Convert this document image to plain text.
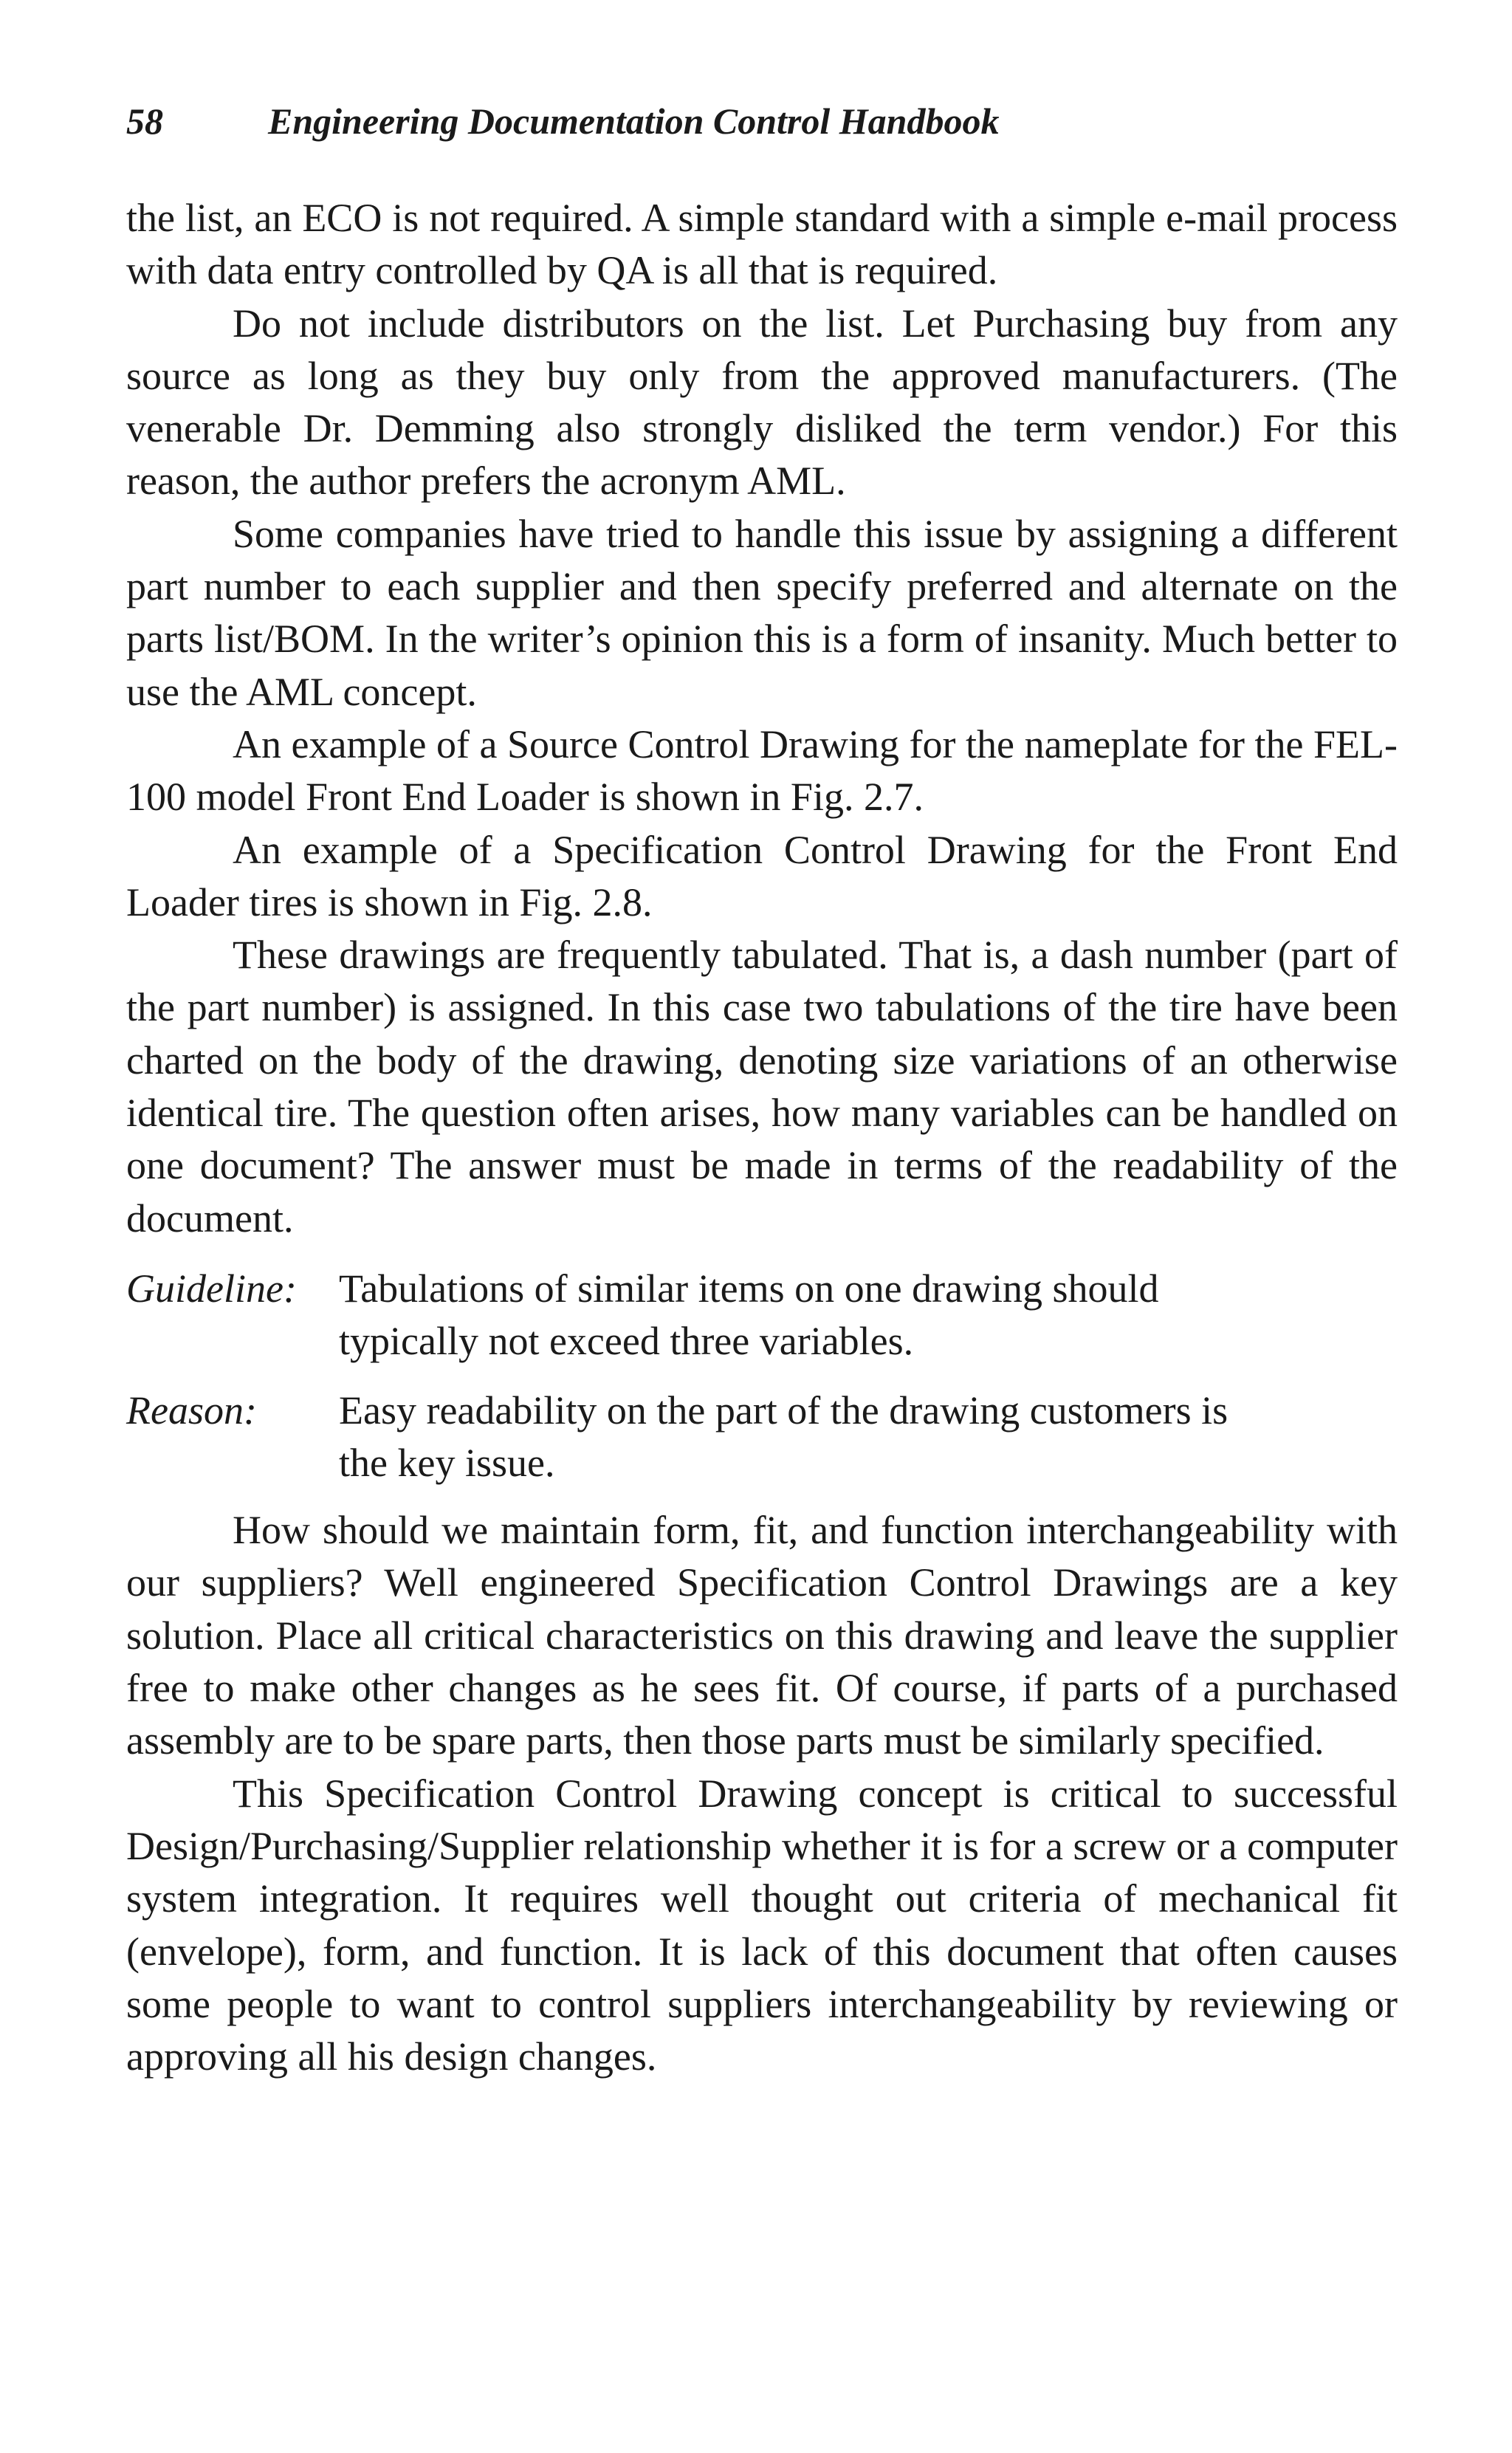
58	Engineering Documentation Control Handbook

the list, an ECO is not required. A simple standard with a simple e-mail process with data entry controlled by QA is all that is required.

Do not include distributors on the list. Let Purchasing buy from any source as long as they buy only from the approved manufacturers. (The venerable Dr. Demming also strongly disliked the term vendor.) For this reason, the author prefers the acronym AML.

Some companies have tried to handle this issue by assigning a different part number to each supplier and then specify preferred and alternate on the parts list/BOM. In the writer’s opinion this is a form of insanity. Much better to use the AML concept.

An example of a Source Control Drawing for the nameplate for the FEL-100 model Front End Loader is shown in Fig. 2.7.

An example of a Specification Control Drawing for the Front End Loader tires is shown in Fig. 2.8.

These drawings are frequently tabulated. That is, a dash number (part of the part number) is assigned. In this case two tabulations of the tire have been charted on the body of the drawing, denoting size variations of an otherwise identical tire. The question often arises, how many variables can be handled on one document? The answer must be made in terms of the readability of the document.

Guideline:	Tabulations of similar items on one drawing should typically not exceed three variables.
Reason:	Easy readability on the part of the drawing customers is the key issue.

How should we maintain form, fit, and function interchangeability with our suppliers? Well engineered Specification Control Drawings are a key solution. Place all critical characteristics on this drawing and leave the supplier free to make other changes as he sees fit. Of course, if parts of a purchased assembly are to be spare parts, then those parts must be similarly specified.

This Specification Control Drawing concept is critical to successful Design/Purchasing/Supplier relationship whether it is for a screw or a computer system integration. It requires well thought out criteria of mechanical fit (envelope), form, and function. It is lack of this document that often causes some people to want to control suppliers interchangeability by reviewing or approving all his design changes.
